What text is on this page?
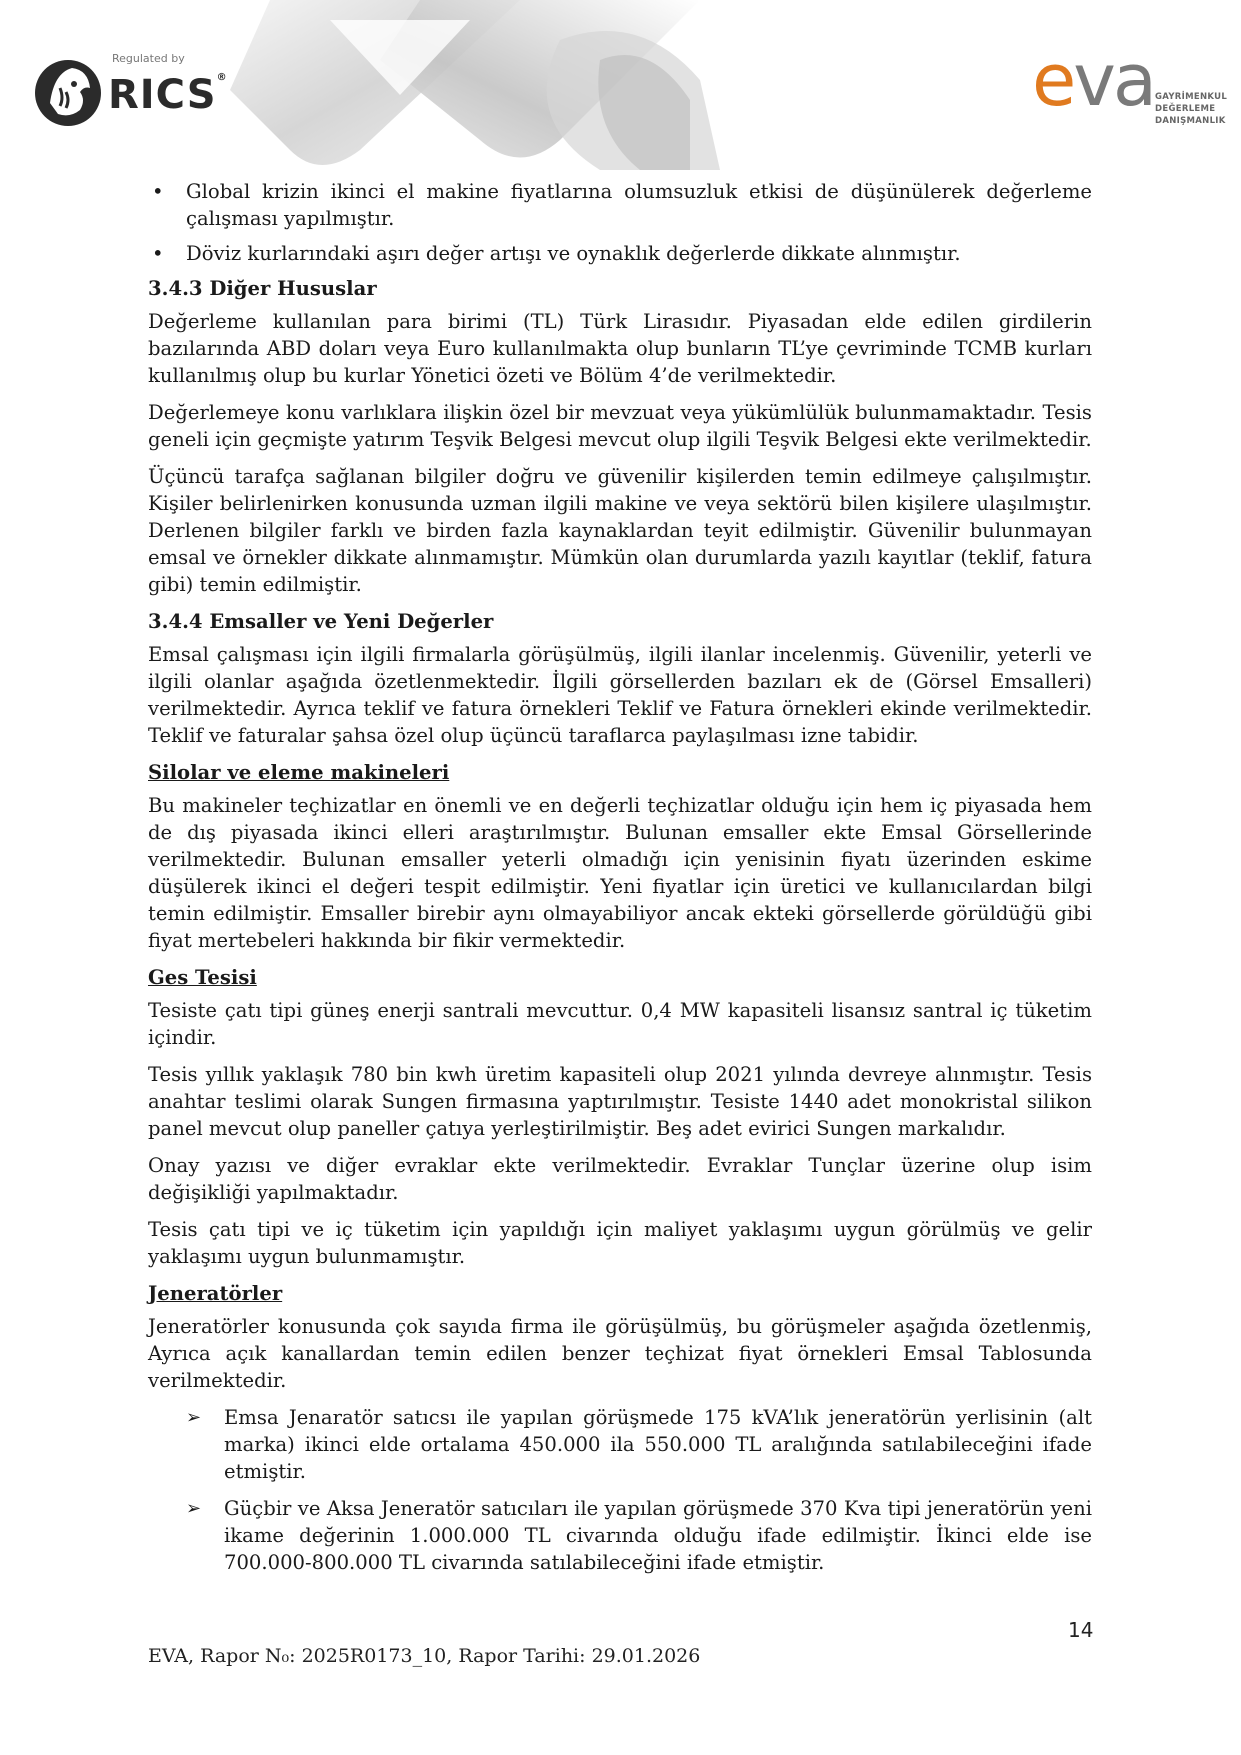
Regulated by
RICS®	eva GAYRİMENKUL
DEĞERLEME
DANIŞMANLIK
• Global krizin ikinci el makine fiyatlarına olumsuzluk etkisi de düşünülerek değerleme çalışması yapılmıştır.
• Döviz kurlarındaki aşırı değer artışı ve oynaklık değerlerde dikkate alınmıştır.
3.4.3 Diğer Hususlar

Değerleme kullanılan para birimi (TL) Türk Lirasıdır. Piyasadan elde edilen girdilerin bazılarında ABD doları veya Euro kullanılmakta olup bunların TL’ye çevriminde TCMB kurları kullanılmış olup bu kurlar Yönetici özeti ve Bölüm 4’de verilmektedir.

Değerlemeye konu varlıklara ilişkin özel bir mevzuat veya yükümlülük bulunmamaktadır. Tesis geneli için geçmişte yatırım Teşvik Belgesi mevcut olup ilgili Teşvik Belgesi ekte verilmektedir.

Üçüncü tarafça sağlanan bilgiler doğru ve güvenilir kişilerden temin edilmeye çalışılmıştır. Kişiler belirlenirken konusunda uzman ilgili makine ve veya sektörü bilen kişilere ulaşılmıştır. Derlenen bilgiler farklı ve birden fazla kaynaklardan teyit edilmiştir. Güvenilir bulunmayan emsal ve örnekler dikkate alınmamıştır. Mümkün olan durumlarda yazılı kayıtlar (teklif, fatura gibi) temin edilmiştir.

3.4.4 Emsaller ve Yeni Değerler

Emsal çalışması için ilgili firmalarla görüşülmüş, ilgili ilanlar incelenmiş. Güvenilir, yeterli ve ilgili olanlar aşağıda özetlenmektedir. İlgili görsellerden bazıları ek de (Görsel Emsalleri) verilmektedir. Ayrıca teklif ve fatura örnekleri Teklif ve Fatura örnekleri ekinde verilmektedir. Teklif ve faturalar şahsa özel olup üçüncü taraflarca paylaşılması izne tabidir.

Silolar ve eleme makineleri

Bu makineler teçhizatlar en önemli ve en değerli teçhizatlar olduğu için hem iç piyasada hem de dış piyasada ikinci elleri araştırılmıştır. Bulunan emsaller ekte Emsal Görsellerinde verilmektedir. Bulunan emsaller yeterli olmadığı için yenisinin fiyatı üzerinden eskime düşülerek ikinci el değeri tespit edilmiştir. Yeni fiyatlar için üretici ve kullanıcılardan bilgi temin edilmiştir. Emsaller birebir aynı olmayabiliyor ancak ekteki görsellerde görüldüğü gibi fiyat mertebeleri hakkında bir fikir vermektedir.

Ges Tesisi

Tesiste çatı tipi güneş enerji santrali mevcuttur. 0,4 MW kapasiteli lisansız santral iç tüketim içindir.

Tesis yıllık yaklaşık 780 bin kwh üretim kapasiteli olup 2021 yılında devreye alınmıştır. Tesis anahtar teslimi olarak Sungen firmasına yaptırılmıştır. Tesiste 1440 adet monokristal silikon panel mevcut olup paneller çatıya yerleştirilmiştir. Beş adet evirici Sungen markalıdır.

Onay yazısı ve diğer evraklar ekte verilmektedir. Evraklar Tunçlar üzerine olup isim değişikliği yapılmaktadır.

Tesis çatı tipi ve iç tüketim için yapıldığı için maliyet yaklaşımı uygun görülmüş ve gelir yaklaşımı uygun bulunmamıştır.

Jeneratörler

Jeneratörler konusunda çok sayıda firma ile görüşülmüş, bu görüşmeler aşağıda özetlenmiş, Ayrıca açık kanallardan temin edilen benzer teçhizat fiyat örnekleri Emsal Tablosunda verilmektedir.

➢ Emsa Jenaratör satıcsı ile yapılan görüşmede 175 kVA’lık jeneratörün yerlisinin (alt marka) ikinci elde ortalama 450.000 ila 550.000 TL aralığında satılabileceğini ifade etmiştir.
➢ Güçbir ve Aksa Jeneratör satıcıları ile yapılan görüşmede 370 Kva tipi jeneratörün yeni ikame değerinin 1.000.000 TL civarında olduğu ifade edilmiştir. İkinci elde ise 700.000-800.000 TL civarında satılabileceğini ifade etmiştir.
14
EVA, Rapor N₀: 2025R0173_10, Rapor Tarihi: 29.01.2026
